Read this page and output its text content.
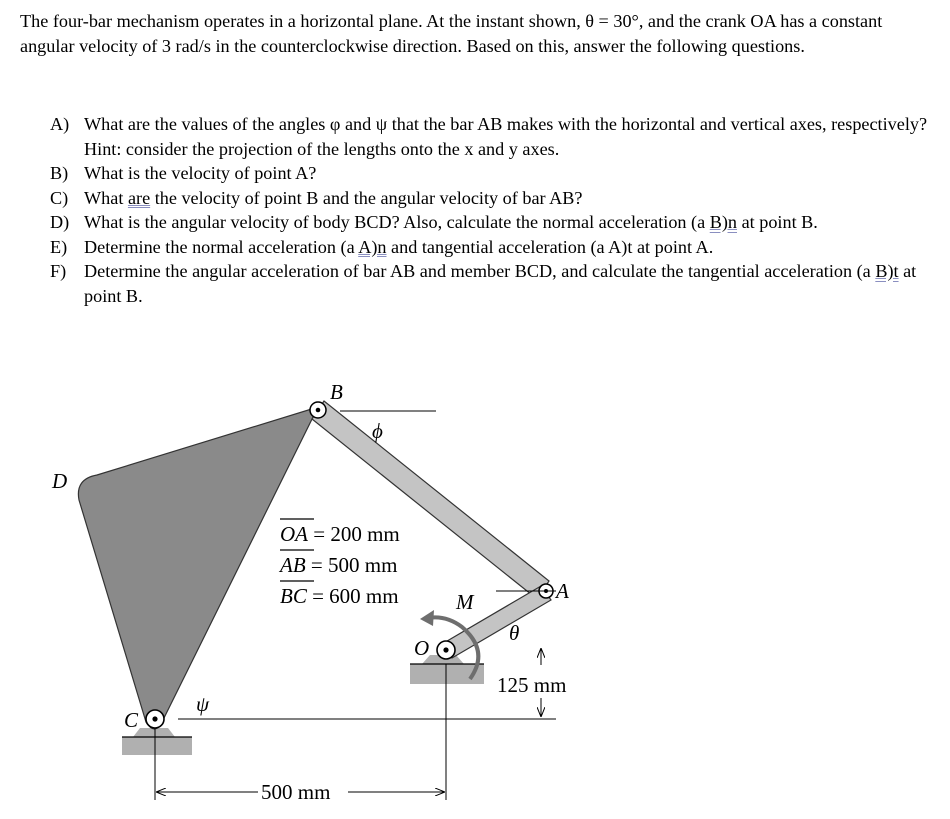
The four-bar mechanism operates in a horizontal plane. At the instant shown, θ = 30°, and the crank OA has a constant angular velocity of 3 rad/s in the counterclockwise direction. Based on this, answer the following questions.

A) What are the values of the angles φ and ψ that the bar AB makes with the horizontal and vertical axes, respectively? Hint: consider the projection of the lengths onto the x and y axes.
B) What is the velocity of point A?
C) What are the velocity of point B and the angular velocity of bar AB?
D) What is the angular velocity of body BCD? Also, calculate the normal acceleration (a B)n at point B.
E) Determine the normal acceleration (a A)n and tangential acceleration (a A)t at point A.
F) Determine the angular acceleration of bar AB and member BCD, and calculate the tangential acceleration (a B)t at point B.
B
D
C
A
O
M
ϕ
ψ
θ
OA = 200 mm
AB = 500 mm
BC = 600 mm
125 mm
500 mm
